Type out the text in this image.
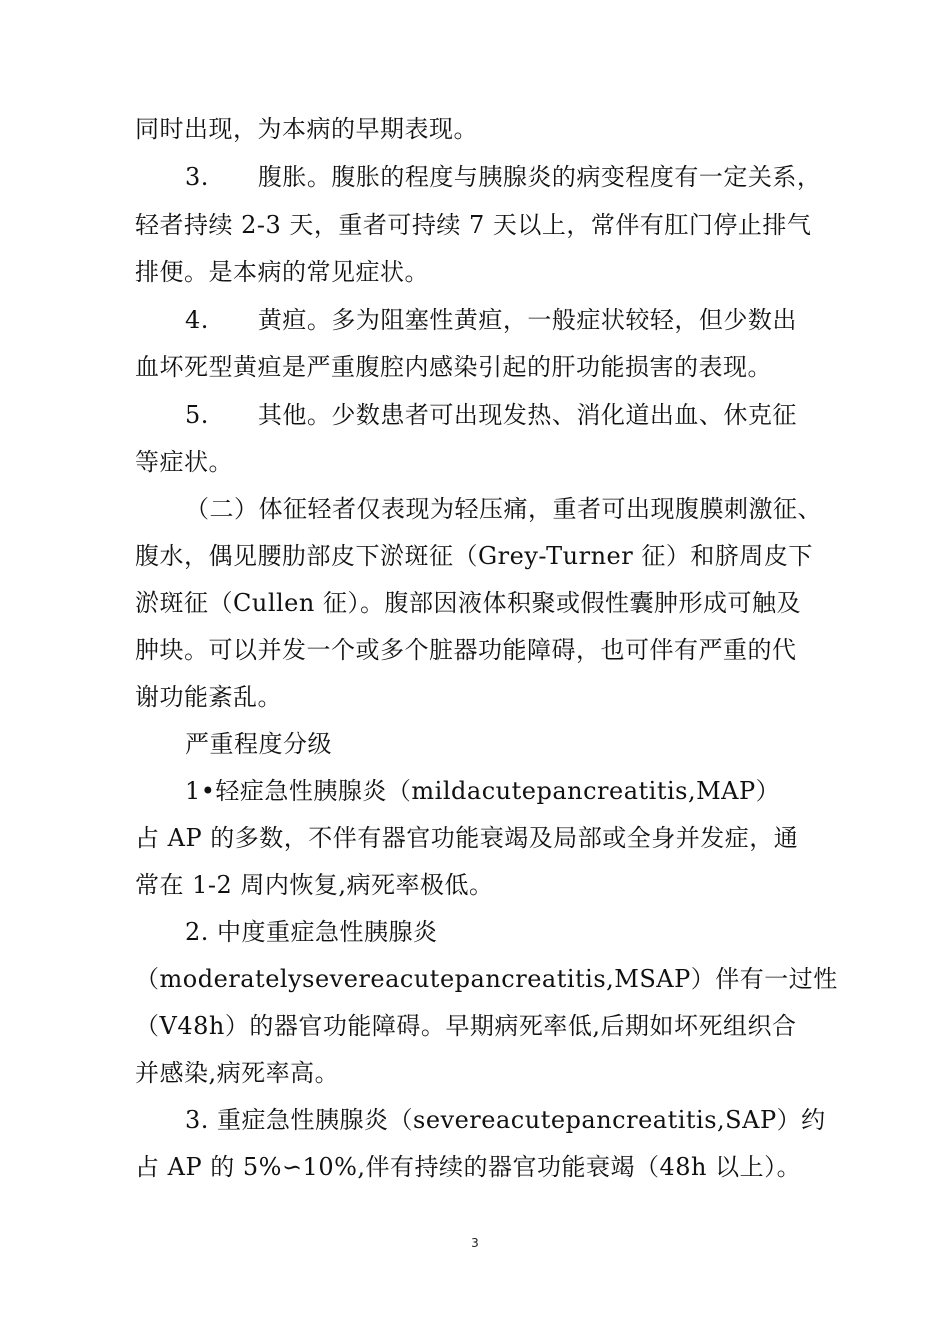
同时出现，为本病的早期表现。
3.　　腹胀。腹胀的程度与胰腺炎的病变程度有一定关系，
轻者持续 2-3 天，重者可持续 7 天以上，常伴有肛门停止排气
排便。是本病的常见症状。
4.　　黄疸。多为阻塞性黄疸，一般症状较轻，但少数出
血坏死型黄疸是严重腹腔内感染引起的肝功能损害的表现。
5.　　其他。少数患者可出现发热、消化道出血、休克征
等症状。
（二）体征轻者仅表现为轻压痛，重者可出现腹膜刺激征、
腹水，偶见腰肋部皮下淤斑征（Grey-Turner 征）和脐周皮下
淤斑征（Cullen 征）。腹部因液体积聚或假性囊肿形成可触及
肿块。可以并发一个或多个脏器功能障碍，也可伴有严重的代
谢功能紊乱。
严重程度分级
1•轻症急性胰腺炎（mildacutepancreatitis,MAP）
占 AP 的多数，不伴有器官功能衰竭及局部或全身并发症，通
常在 1-2 周内恢复,病死率极低。
2. 中度重症急性胰腺炎
（moderatelysevereacutepancreatitis,MSAP）伴有一过性
（V48h）的器官功能障碍。早期病死率低,后期如坏死组织合
并感染,病死率高。
3. 重症急性胰腺炎（severeacutepancreatitis,SAP）约
占 AP 的 5%∽10%,伴有持续的器官功能衰竭（48h 以上）。
3
